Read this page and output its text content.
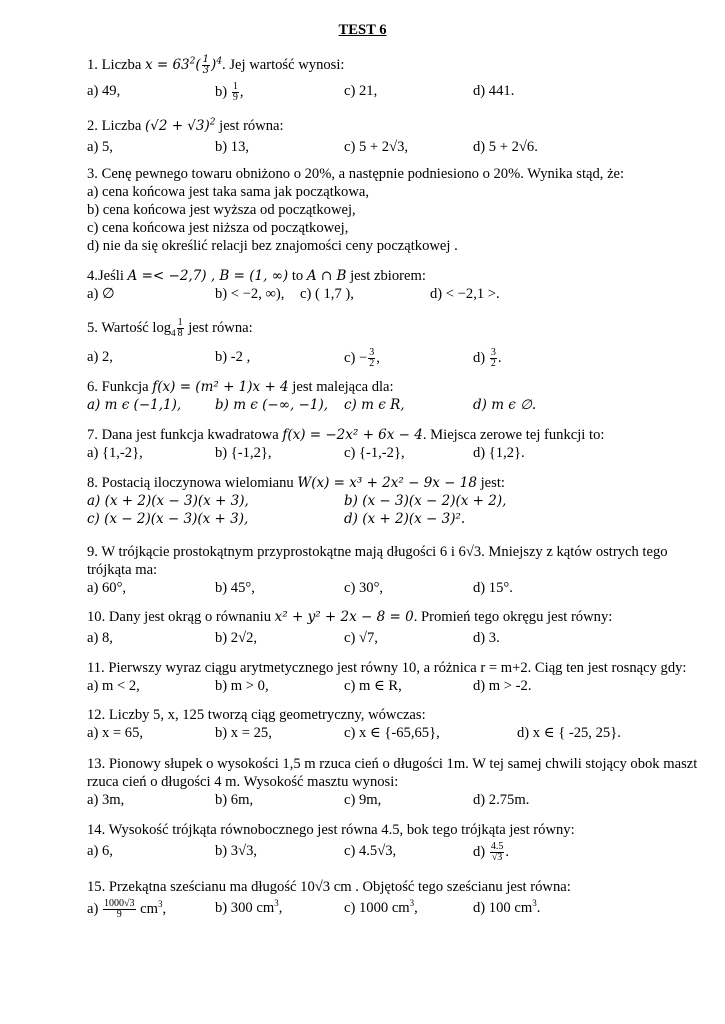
TEST 6
1. Liczba $x = 63^2( \frac{1}{3} )^4$. Jej wartość wynosi:
a) 49,	$b) \frac{1}{9}$ ,	c) 21,	d) 441.
2. Liczba $(√2 + √3)^2$ jest równa:
a) 5,	b) 13,	c) 5 + 2√3,	d) 5 + 2√6.
3. Cenę pewnego towaru obniżono o 20%, a następnie podniesiono o 20%. Wynika stąd, że:
a) cena końcowa jest taka sama jak początkowa,
b) cena końcowa jest wyższa od początkowej,
c) cena końcowa jest niższa od początkowej,
d) nie da się określić relacji bez znajomości ceny początkowej .
4.Jeśli A =< −2,7) , B = (1, ∞) to A ∩ B jest zbiorem:
a) ∅	b) < −2, ∞), c) ( 1,7 ),	d) < −2,1 >.
5. Wartość $\log_4 \frac{1}{8}$ jest równa:
a) 2,	b) -2 ,	$c) - \frac{3}{2}$ ,	$d) \frac{3}{2}$ .
6. Funkcja f(x) = (m² + 1)x + 4 jest malejąca dla:
a) m ϵ (−1,1),	b) m ϵ (−∞, −1), c) m ϵ R,	d) m ϵ ∅.
7. Dana jest funkcja kwadratowa f(x) = −2x² + 6x − 4. Miejsca zerowe tej funkcji to:
a) {1,-2},	b) {-1,2},	c) {-1,-2},	d) {1,2}.
8. Postacią iloczynowa wielomianu W(x) = x³ + 2x² − 9x − 18 jest:
a) (x + 2)(x − 3)(x + 3),	b) (x − 3)(x − 2)(x + 2),
c) (x − 2)(x − 3)(x + 3),	d) (x + 2)(x − 3)².
9. W trójkącie prostokątnym przyprostokątne mają długości 6 i 6√3. Mniejszy z kątów ostrych tego
trójkąta ma:
a) 60°,	b) 45°,	c) 30°,	d) 15°.
10. Dany jest okrąg o równaniu x² + y² + 2x − 8 = 0. Promień tego okręgu jest równy:
a) 8,	b) 2√2,	c) √7,	d) 3.
11. Pierwszy wyraz ciągu arytmetycznego jest równy 10, a różnica r = m+2. Ciąg ten jest rosnący gdy:
a) m < 2,	b) m > 0,	c) m ∈ R,	d) m > -2.
12. Liczby 5, x, 125 tworzą ciąg geometryczny, wówczas:
a) x = 65,	b) x = 25,	c) x ∈ {-65,65},	d) x ∈ { -25, 25}.
13. Pionowy słupek o wysokości 1,5 m rzuca cień o długości 1m. W tej samej chwili stojący obok maszt
rzuca cień o długości 4 m. Wysokość masztu wynosi:
a) 3m,	b) 6m,	c) 9m,	d) 2.75m.
14. Wysokość trójkąta równobocznego jest równa 4.5, bok tego trójkąta jest równy:
a) 6,	b) 3√3,	c) 4.5√3,	$d) \frac{4.5}{√3}$ .
15. Przekątna sześcianu ma długość 10√3 cm . Objętość tego sześcianu jest równa:
$a) \frac{1000√3}{9} cm^3$,	b) 300 $cm^3$,	c) 1000 $cm^3$,	d) 100 $cm^3$.
